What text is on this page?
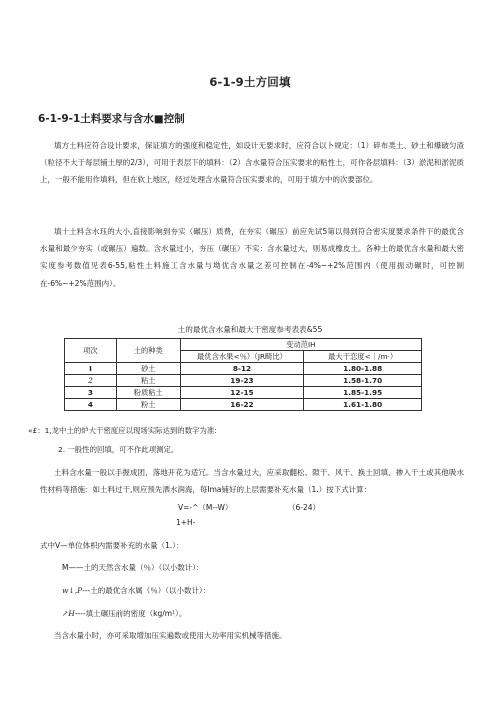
6-1-9土方回填
6-1-9-1土料要求与含水■控制

填方土料应符合设计要求，保证填方的强度和稳定性，如设计无要求时，应符合以卜规定：（1）碎布类土、砂土和爆破匀渣（粒径不大于每层铺土厚的2/3），可用于表层下的填料：（2）含水量符合压实要求的粘性土，可作各层填料：（3）淤泥和淤泥质上，一般不能用作填料，但在软上地区，经过处理含水量符合压实要求的，可用于填方中的次要部位。

填十土料含水珏的大小,直接影响到夯实（碾压）质费，在夯实（碾压）前应先试5第以得到符合密实度要求条件下的最优含水量和最少夯实（或碾压）遍数。含水量过小，夯压（碾压）不实：含水量过大，则易成橡皮土。各种土的最优含水量和最大密实度参考数值见表6-55,粘性土料施工含水量与坳优含水量之差可控制在-4%~+2%范围内（使用振动碾时，可控制在-6%~+2%范围内）。

土的最优含水量和最大干密度参考表表&55
项次	土的种类	变动范IH	
		最优含水果<％）（JR畸比）	最大干恋度<｜/m·）
I	砂土	8-12	1.80-1.88
2	粘土	19-23	1.58-1.70
3	粉质粘土	12-15	1.85-1.95
4	粉土	16-22	1.61-1.80
«£：1,龙中土的炉大干密度应以现场实际达到的数字为准:
2. 一般性的回填，可不作此项测定。

土料含水量一般以手握成团，落地开花为适冗。当含水量过大，应采取翻松、隙干、风干、换土回填、掺入干土或其他吸水性材料等措施：如土料过干,则应预先洒水润海，每Ima铺好的上层需要补充水量（1.）按下式计算：

V=-^（M--W）	（6-24）
1+H-
式中V—单位体枳内需要补充的水量（1.）：
M——土的天然含水量（％）（以小数计）：
w↓,P---土的最优含水属（％）（以小数计）：
↗H----填土碾压前的密度（kg/m¹）。
当含水量小时，亦可采取增加压实遍数或使用大功率用实机械等措施。
